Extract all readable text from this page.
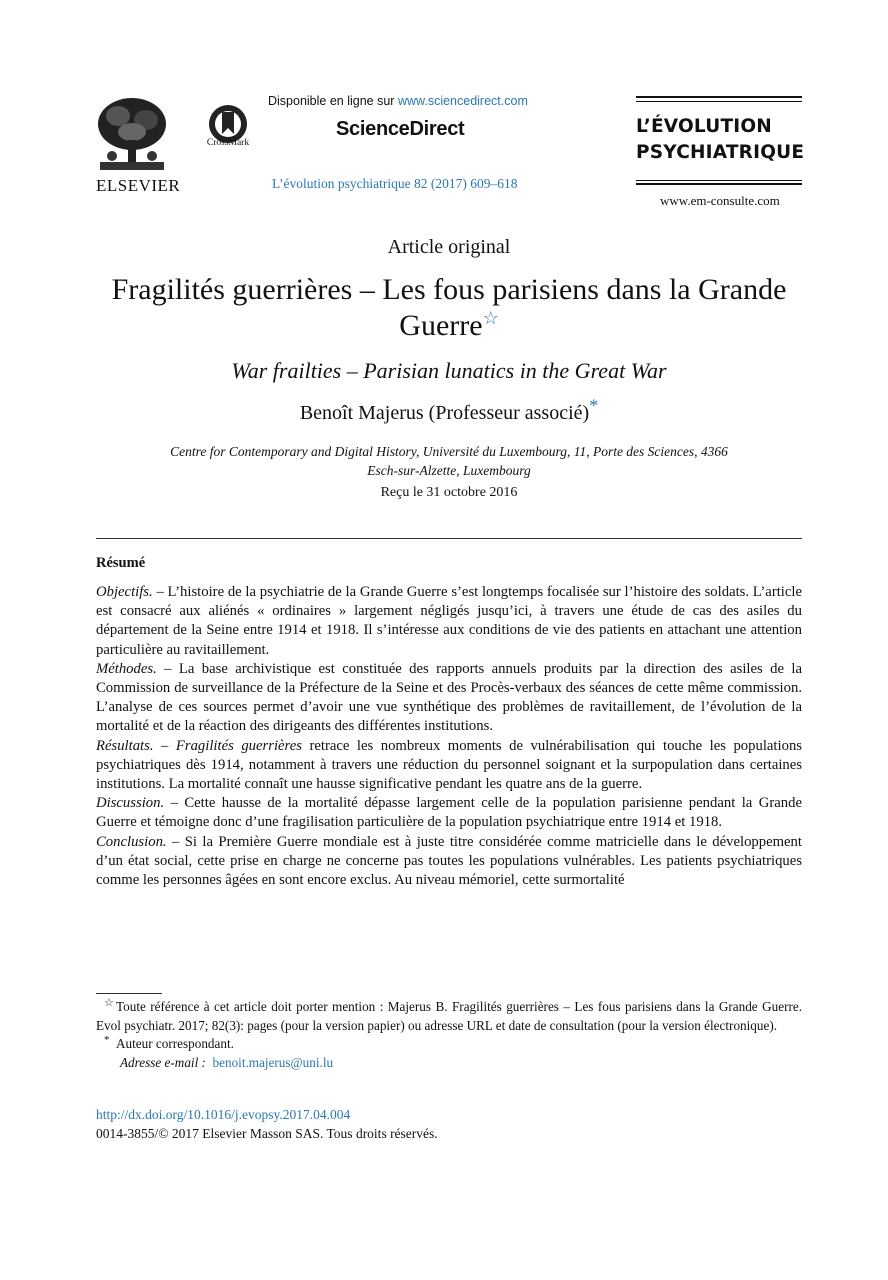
ELSEVIER
CrossMark
Disponible en ligne sur www.sciencedirect.com
ScienceDirect
L’évolution psychiatrique 82 (2017) 609–618
L’ÉVOLUTION
PSYCHIATRIQUE
www.em-consulte.com
Article original
Fragilités guerrières – Les fous parisiens dans la Grande
Guerre☆
War frailties – Parisian lunatics in the Great War
Benoît Majerus (Professeur associé)*
Centre for Contemporary and Digital History, Université du Luxembourg, 11, Porte des Sciences, 4366
Esch-sur-Alzette, Luxembourg
Reçu le 31 octobre 2016
Résumé

Objectifs. – L’histoire de la psychiatrie de la Grande Guerre s’est longtemps focalisée sur l’histoire des soldats. L’article est consacré aux aliénés « ordinaires » largement négligés jusqu’ici, à travers une étude de cas des asiles du département de la Seine entre 1914 et 1918. Il s’intéresse aux conditions de vie des patients en attachant une attention particulière au ravitaillement.

Méthodes. – La base archivistique est constituée des rapports annuels produits par la direction des asiles de la Commission de surveillance de la Préfecture de la Seine et des Procès-verbaux des séances de cette même commission. L’analyse de ces sources permet d’avoir une vue synthétique des problèmes de ravitaillement, de l’évolution de la mortalité et de la réaction des dirigeants des différentes institutions.

Résultats. – Fragilités guerrières retrace les nombreux moments de vulnérabilisation qui touche les populations psychiatriques dès 1914, notamment à travers une réduction du personnel soignant et la surpopulation dans certaines institutions. La mortalité connaît une hausse significative pendant les quatre ans de la guerre.

Discussion. – Cette hausse de la mortalité dépasse largement celle de la population parisienne pendant la Grande Guerre et témoigne donc d’une fragilisation particulière de la population psychiatrique entre 1914 et 1918.

Conclusion. – Si la Première Guerre mondiale est à juste titre considérée comme matricielle dans le développement d’un état social, cette prise en charge ne concerne pas toutes les populations vulnérables. Les patients psychiatriques comme les personnes âgées en sont encore exclus. Au niveau mémoriel, cette surmortalité

☆ Toute référence à cet article doit porter mention : Majerus B. Fragilités guerrières – Les fous parisiens dans la Grande Guerre. Evol psychiatr. 2017; 82(3): pages (pour la version papier) ou adresse URL et date de consultation (pour la version électronique).

* Auteur correspondant.

Adresse e-mail : benoit.majerus@uni.lu

http://dx.doi.org/10.1016/j.evopsy.2017.04.004
0014-3855/© 2017 Elsevier Masson SAS. Tous droits réservés.
